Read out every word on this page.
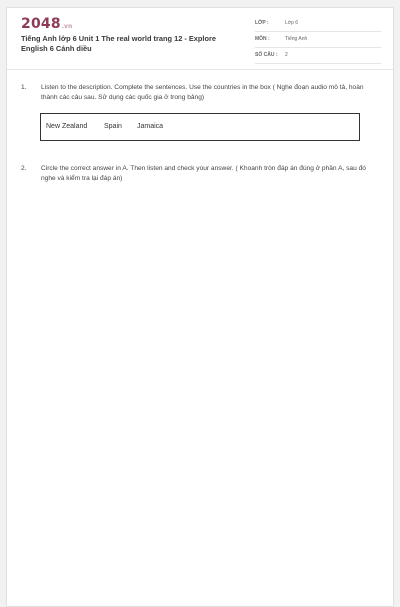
2048.vn
Tiếng Anh lớp 6 Unit 1 The real world trang 12 - Explore English 6 Cánh diều
LỚP :	Lớp 6
MÔN :	Tiếng Anh
SỐ CÂU : 2
1. Listen to the description. Complete the sentences. Use the countries in the box ( Nghe đoạn audio mô tả, hoàn thành các câu sau. Sử dụng các quốc gia ở trong bảng)
New Zealand Spain Jamaica
2. Circle the correct answer in A. Then listen and check your answer. ( Khoanh tròn đáp án đúng ở phần A, sau đó nghe và kiểm tra lại đáp án)
